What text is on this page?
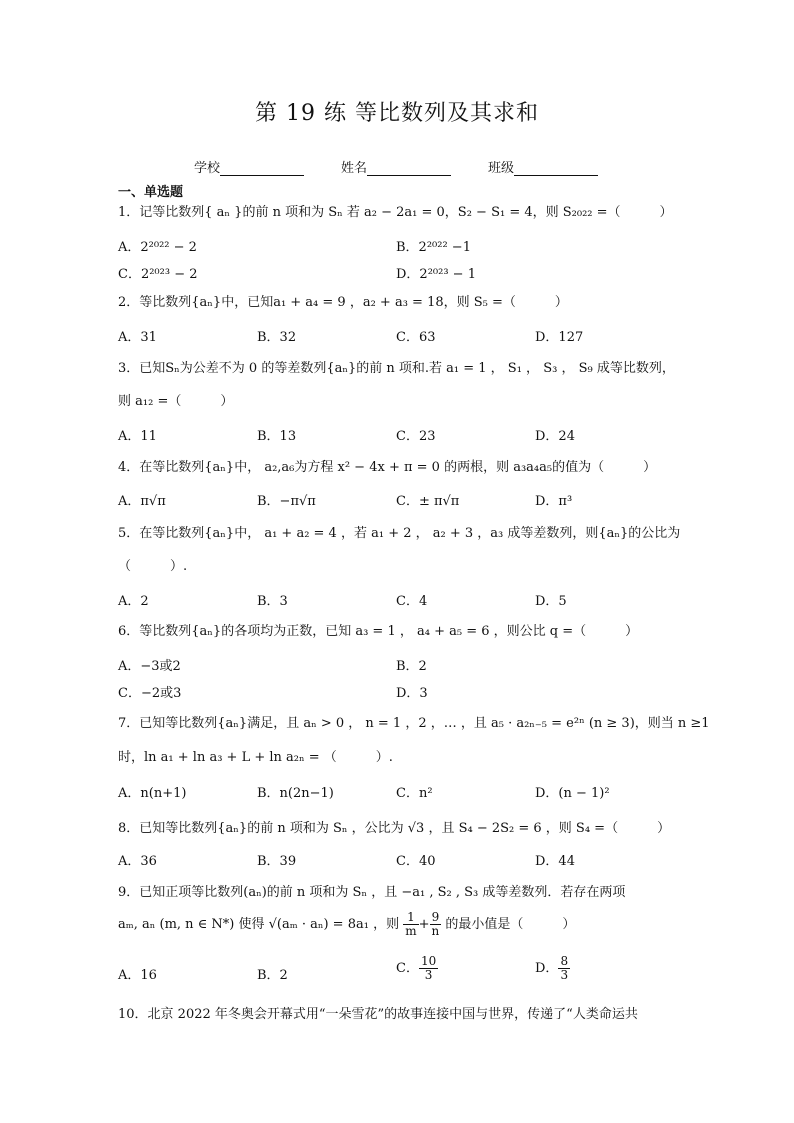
第 19 练 等比数列及其求和
学校	姓名	班级
一、单选题
1．记等比数列{ aₙ }的前 n 项和为 Sₙ 若 a₂ − 2a₁ = 0，S₂ − S₁ = 4，则 S₂₀₂₂ =（　　　）
A．2²⁰²² − 2	B．2²⁰²² −1
C．2²⁰²³ − 2	D．2²⁰²³ − 1
2．等比数列{aₙ}中，已知a₁ + a₄ = 9 ，a₂ + a₃ = 18，则 S₅ =（　　　）
A．31	B．32	C．63	D．127
3．已知Sₙ为公差不为 0 的等差数列{aₙ}的前 n 项和.若 a₁ = 1 ， S₁ ， S₃ ， S₉ 成等比数列，
则 a₁₂ =（　　　）
A．11	B．13	C．23	D．24
4．在等比数列{aₙ}中， a₂,a₆为方程 x² − 4x + π = 0 的两根，则 a₃a₄a₅的值为（　　　）
A．π√π	B．−π√π	C．± π√π	D．π³
5．在等比数列{aₙ}中， a₁ + a₂ = 4 ，若 a₁ + 2 ， a₂ + 3 ，a₃ 成等差数列，则{aₙ}的公比为
（　　　）.
A．2	B．3	C．4	D．5
6．等比数列{aₙ}的各项均为正数，已知 a₃ = 1 ， a₄ + a₅ = 6 ，则公比 q =（　　　）
A．−3或2	B．2
C．−2或3	D．3
7．已知等比数列{aₙ}满足，且 aₙ > 0 ， n = 1 ，2 ，… ，且 a₅ · a₂ₙ₋₅ = e²ⁿ (n ≥ 3)，则当 n ≥1
时，ln a₁ + ln a₃ + L + ln a₂ₙ = （　　　）.
A．n(n+1)	B．n(2n−1)	C．n²	D．(n − 1)²
8．已知等比数列{aₙ}的前 n 项和为 Sₙ ，公比为 √3 ，且 S₄ − 2S₂ = 6 ，则 S₄ =（　　　）
A．36	B．39	C．40	D．44
9．已知正项等比数列(aₙ)的前 n 项和为 Sₙ ，且 −a₁ , S₂ , S₃ 成等差数列．若存在两项
aₘ, aₙ (m, n ∈ N*) 使得 √(aₘ · aₙ) = 8a₁ ，则 $\frac{1}{m} + \frac{9}{n}$ 的最小值是（　　　）
A．16	B．2	C． $\frac{10}{3}$	D． $\frac{8}{3}$
10．北京 2022 年冬奥会开幕式用“一朵雪花”的故事连接中国与世界，传递了“人类命运共
